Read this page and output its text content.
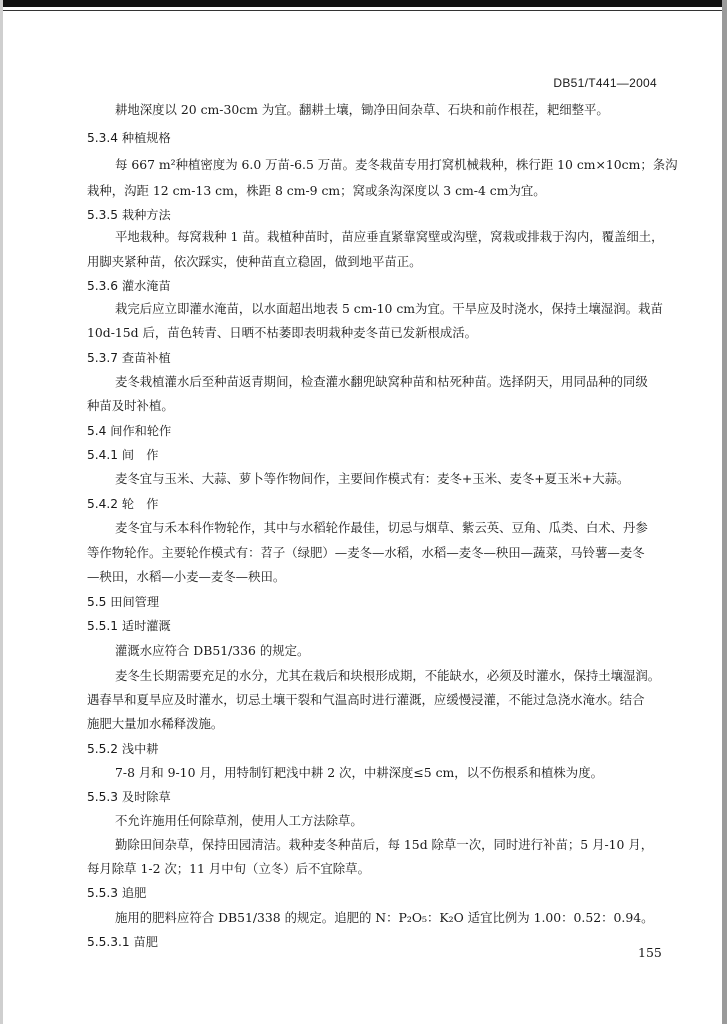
DB51/T441—2004
耕地深度以 20 cm-30cm 为宜。翻耕土壤，锄净田间杂草、石块和前作根茬，耙细整平。
5.3.4 种植规格
每 667 m²种植密度为 6.0 万苗-6.5 万苗。麦冬栽苗专用打窝机械栽种，株行距 10 cm×10cm；条沟
栽种，沟距 12 cm-13 cm，株距 8 cm-9 cm；窝或条沟深度以 3 cm-4 cm为宜。
5.3.5 栽种方法
平地栽种。每窝栽种 1 苗。栽植种苗时，苗应垂直紧靠窝壁或沟壁，窝栽或排栽于沟内，覆盖细土，
用脚夹紧种苗，依次踩实，使种苗直立稳固，做到地平苗正。
5.3.6 灌水淹苗
栽完后应立即灌水淹苗，以水面超出地表 5 cm-10 cm为宜。干旱应及时浇水，保持土壤湿润。栽苗
10d-15d 后，苗色转青、日晒不枯萎即表明栽种麦冬苗已发新根成活。
5.3.7 查苗补植
麦冬栽植灌水后至种苗返青期间，检查灌水翻兜缺窝种苗和枯死种苗。选择阴天，用同品种的同级
种苗及时补植。
5.4 间作和轮作
5.4.1 间　作
麦冬宜与玉米、大蒜、萝卜等作物间作，主要间作模式有：麦冬+玉米、麦冬+夏玉米+大蒜。
5.4.2 轮　作
麦冬宜与禾本科作物轮作，其中与水稻轮作最佳，切忌与烟草、紫云英、豆角、瓜类、白术、丹参
等作物轮作。主要轮作模式有：苕子（绿肥）—麦冬—水稻，水稻—麦冬—秧田—蔬菜，马铃薯—麦冬
—秧田，水稻—小麦—麦冬—秧田。
5.5 田间管理
5.5.1 适时灌溉
灌溉水应符合 DB51/336 的规定。
麦冬生长期需要充足的水分，尤其在栽后和块根形成期，不能缺水，必须及时灌水，保持土壤湿润。
遇春旱和夏旱应及时灌水，切忌土壤干裂和气温高时进行灌溉，应缓慢浸灌，不能过急浇水淹水。结合
施肥大量加水稀释泼施。
5.5.2 浅中耕
7-8 月和 9-10 月，用特制钉耙浅中耕 2 次，中耕深度≤5 cm，以不伤根系和植株为度。
5.5.3 及时除草
不允许施用任何除草剂，使用人工方法除草。
勤除田间杂草，保持田园清洁。栽种麦冬种苗后，每 15d 除草一次，同时进行补苗；5 月-10 月，
每月除草 1-2 次；11 月中旬（立冬）后不宜除草。
5.5.3 追肥
施用的肥料应符合 DB51/338 的规定。追肥的 N：P₂O₅：K₂O 适宜比例为 1.00：0.52：0.94。
5.5.3.1 苗肥
155
